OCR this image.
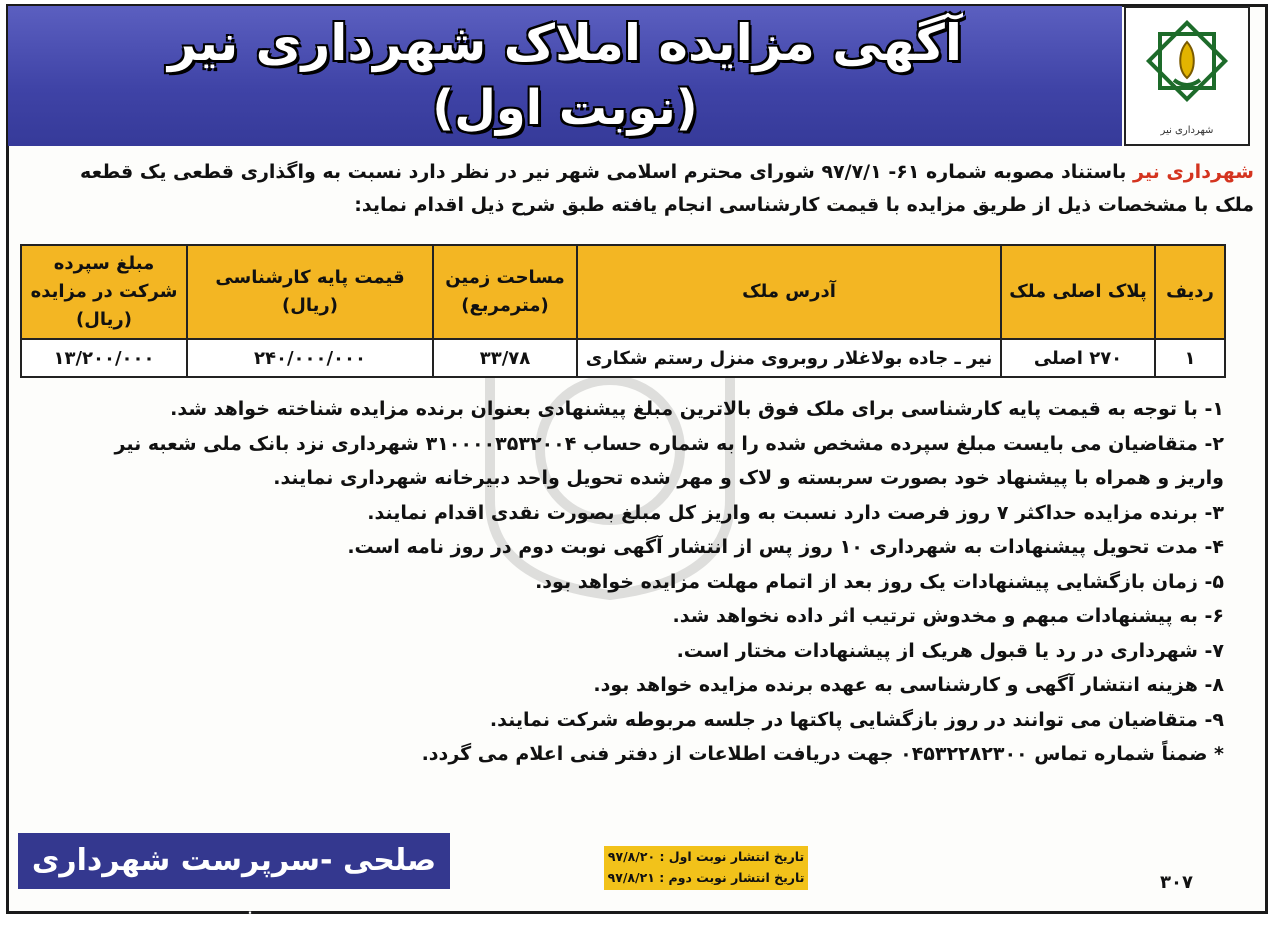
آگهی مزایده املاک شهرداری نیر
(نوبت اول)	شهرداری نیر
شهرداری نیر باستناد مصوبه شماره ۶۱- ۹۷/۷/۱ شورای محترم اسلامی شهر نیر در نظر دارد نسبت به واگذاری قطعی یک قطعه
ملک با مشخصات ذیل از طریق مزایده با قیمت کارشناسی انجام یافته طبق شرح ذیل اقدام نماید:
ردیف	پلاک اصلی ملک	آدرس ملک	مساحت زمین (مترمربع)	قیمت پایه کارشناسی (ریال)	مبلغ سپرده شرکت در مزایده (ریال)
۱	۲۷۰ اصلی	نیر ـ جاده بولاغلار روبروی منزل رستم شکاری	۳۳/۷۸	۲۴۰/۰۰۰/۰۰۰	۱۳/۲۰۰/۰۰۰
۱- با توجه به قیمت پایه کارشناسی برای ملک فوق بالاترین مبلغ پیشنهادی بعنوان برنده مزایده شناخته خواهد شد.
۲- متقاضیان می بایست مبلغ سپرده مشخص شده را به شماره حساب ۳۱۰۰۰۰۳۵۳۲۰۰۴ شهرداری نزد بانک ملی شعبه نیر
واریز و همراه با پیشنهاد خود بصورت سربسته و لاک و مهر شده تحویل واحد دبیرخانه شهرداری نمایند.
۳- برنده مزایده حداکثر ۷ روز فرصت دارد نسبت به واریز کل مبلغ بصورت نقدی اقدام نمایند.
۴- مدت تحویل پیشنهادات به شهرداری ۱۰ روز پس از انتشار آگهی نوبت دوم در روز نامه است.
۵- زمان بازگشایی پیشنهادات یک روز بعد از اتمام مهلت مزایده خواهد بود.
۶- به پیشنهادات مبهم و مخدوش ترتیب اثر داده نخواهد شد.
۷- شهرداری در رد یا قبول هریک از پیشنهادات مختار است.
۸- هزینه انتشار آگهی و کارشناسی به عهده برنده مزایده خواهد بود.
۹- متقاضیان می توانند در روز بازگشایی پاکتها در جلسه مربوطه شرکت نمایند.
* ضمناً شماره تماس ۰۴۵۳۲۲۸۲۳۰۰ جهت دریافت اطلاعات از دفتر فنی اعلام می گردد.
صلحی -سرپرست شهرداری نیر
تاریخ انتشار نوبت اول : ۹۷/۸/۲۰
تاریخ انتشار نوبت دوم : ۹۷/۸/۲۱	۳۰۷
